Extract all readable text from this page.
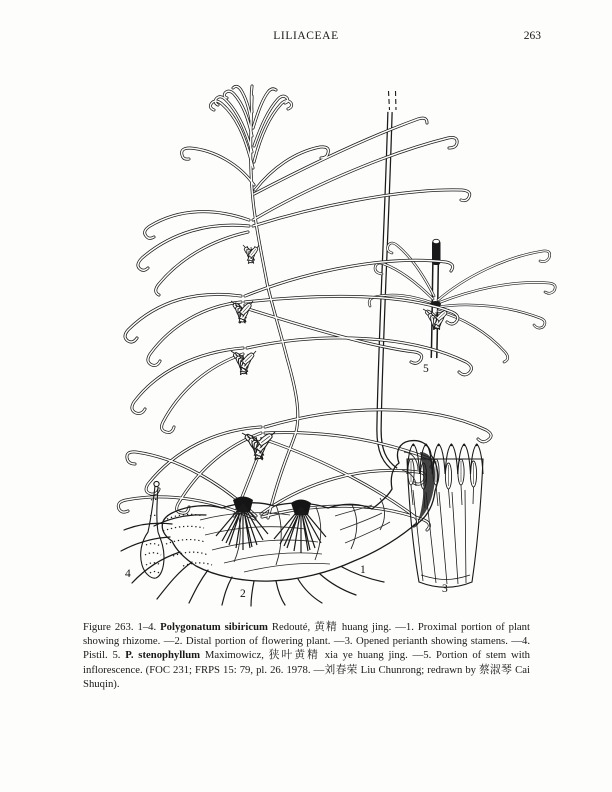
LILIACEAE	263
1
2	3
4
5
Figure 263. 1–4. Polygonatum sibiricum Redouté, 黄精 huang jing. —1. Proximal portion of plant showing rhizome. —2. Distal portion of flowering plant. —3. Opened perianth showing stamens. —4. Pistil. 5. P. stenophyllum Maximowicz, 狭叶黄精 xia ye huang jing. —5. Portion of stem with inflorescence. (FOC 231; FRPS 15: 79, pl. 26. 1978. —刘春荣 Liu Chunrong; redrawn by 蔡淑琴 Cai Shuqin).
